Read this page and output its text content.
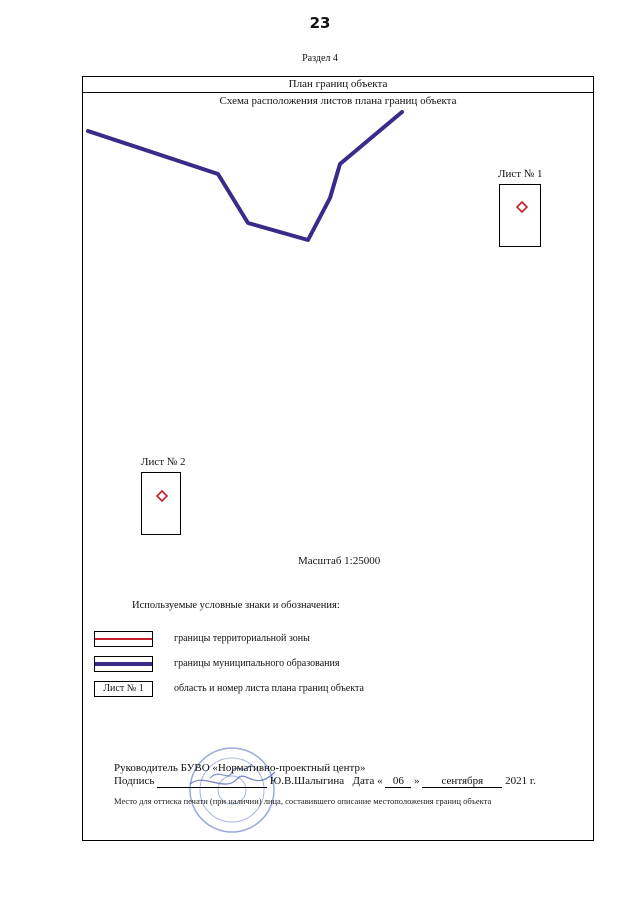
23
Раздел 4
План границ объекта
Схема расположения листов плана границ объекта
Лист № 1
Лист № 2
Масштаб 1:25000
Используемые условные знаки и обозначения:
границы территориальной зоны
границы муниципального образования
Лист № 1	область и номер листа плана границ объекта
Руководитель БУВО «Нормативно-проектный центр»
Подпись	Ю.В.Шалыгина Дата « 06 » сентября 2021 г.
Место для оттиска печати (при наличии) лица, составившего описание местоположения границ объекта
